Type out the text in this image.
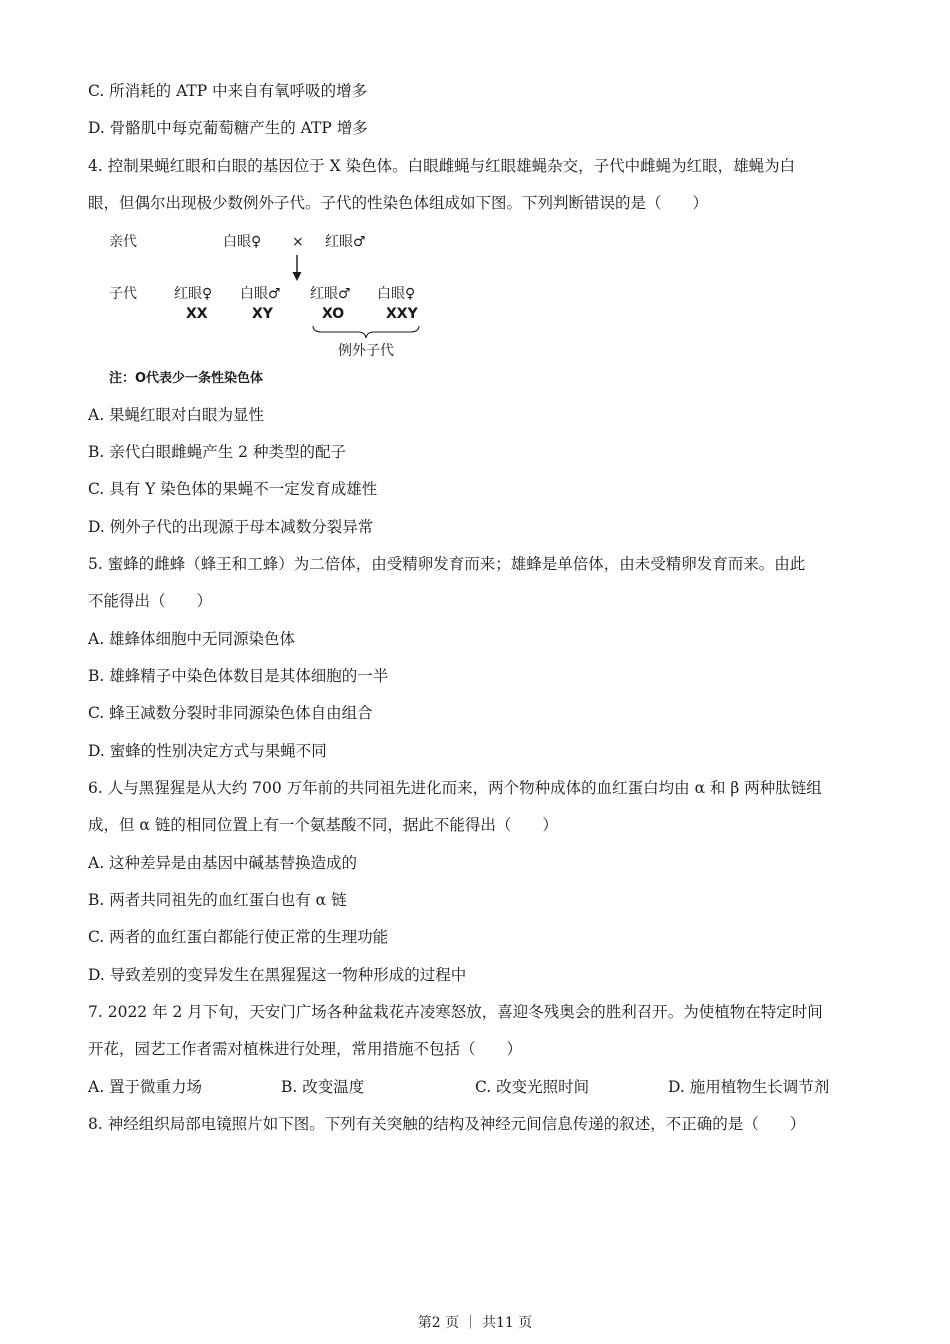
C. 所消耗的 ATP 中来自有氧呼吸的增多
D. 骨骼肌中每克葡萄糖产生的 ATP 增多
4. 控制果蝇红眼和白眼的基因位于 X 染色体。白眼雌蝇与红眼雄蝇杂交，子代中雌蝇为红眼，雄蝇为白
眼，但偶尔出现极少数例外子代。子代的性染色体组成如下图。下列判断错误的是（　　）
亲代	白眼♀ × 红眼♂
子代	红眼♀ 白眼♂ 红眼♂ 白眼♀
XX	XY	XO	XXY
例外子代
注：O代表少一条性染色体
A. 果蝇红眼对白眼为显性
B. 亲代白眼雌蝇产生 2 种类型的配子
C. 具有 Y 染色体的果蝇不一定发育成雄性
D. 例外子代的出现源于母本减数分裂异常
5. 蜜蜂的雌蜂（蜂王和工蜂）为二倍体，由受精卵发育而来；雄蜂是单倍体，由未受精卵发育而来。由此
不能得出（　　）
A. 雄蜂体细胞中无同源染色体
B. 雄蜂精子中染色体数目是其体细胞的一半
C. 蜂王减数分裂时非同源染色体自由组合
D. 蜜蜂的性别决定方式与果蝇不同
6. 人与黑猩猩是从大约 700 万年前的共同祖先进化而来，两个物种成体的血红蛋白均由 α 和 β 两种肽链组
成，但 α 链的相同位置上有一个氨基酸不同，据此不能得出（　　）
A. 这种差异是由基因中碱基替换造成的
B. 两者共同祖先的血红蛋白也有 α 链
C. 两者的血红蛋白都能行使正常的生理功能
D. 导致差别的变异发生在黑猩猩这一物种形成的过程中
7. 2022 年 2 月下旬，天安门广场各种盆栽花卉凌寒怒放，喜迎冬残奥会的胜利召开。为使植物在特定时间
开花，园艺工作者需对植株进行处理，常用措施不包括（　　）
A. 置于微重力场	B. 改变温度	C. 改变光照时间	D. 施用植物生长调节剂
8. 神经组织局部电镜照片如下图。下列有关突触的结构及神经元间信息传递的叙述，不正确的是（　　）
第2 页 ｜ 共11 页
